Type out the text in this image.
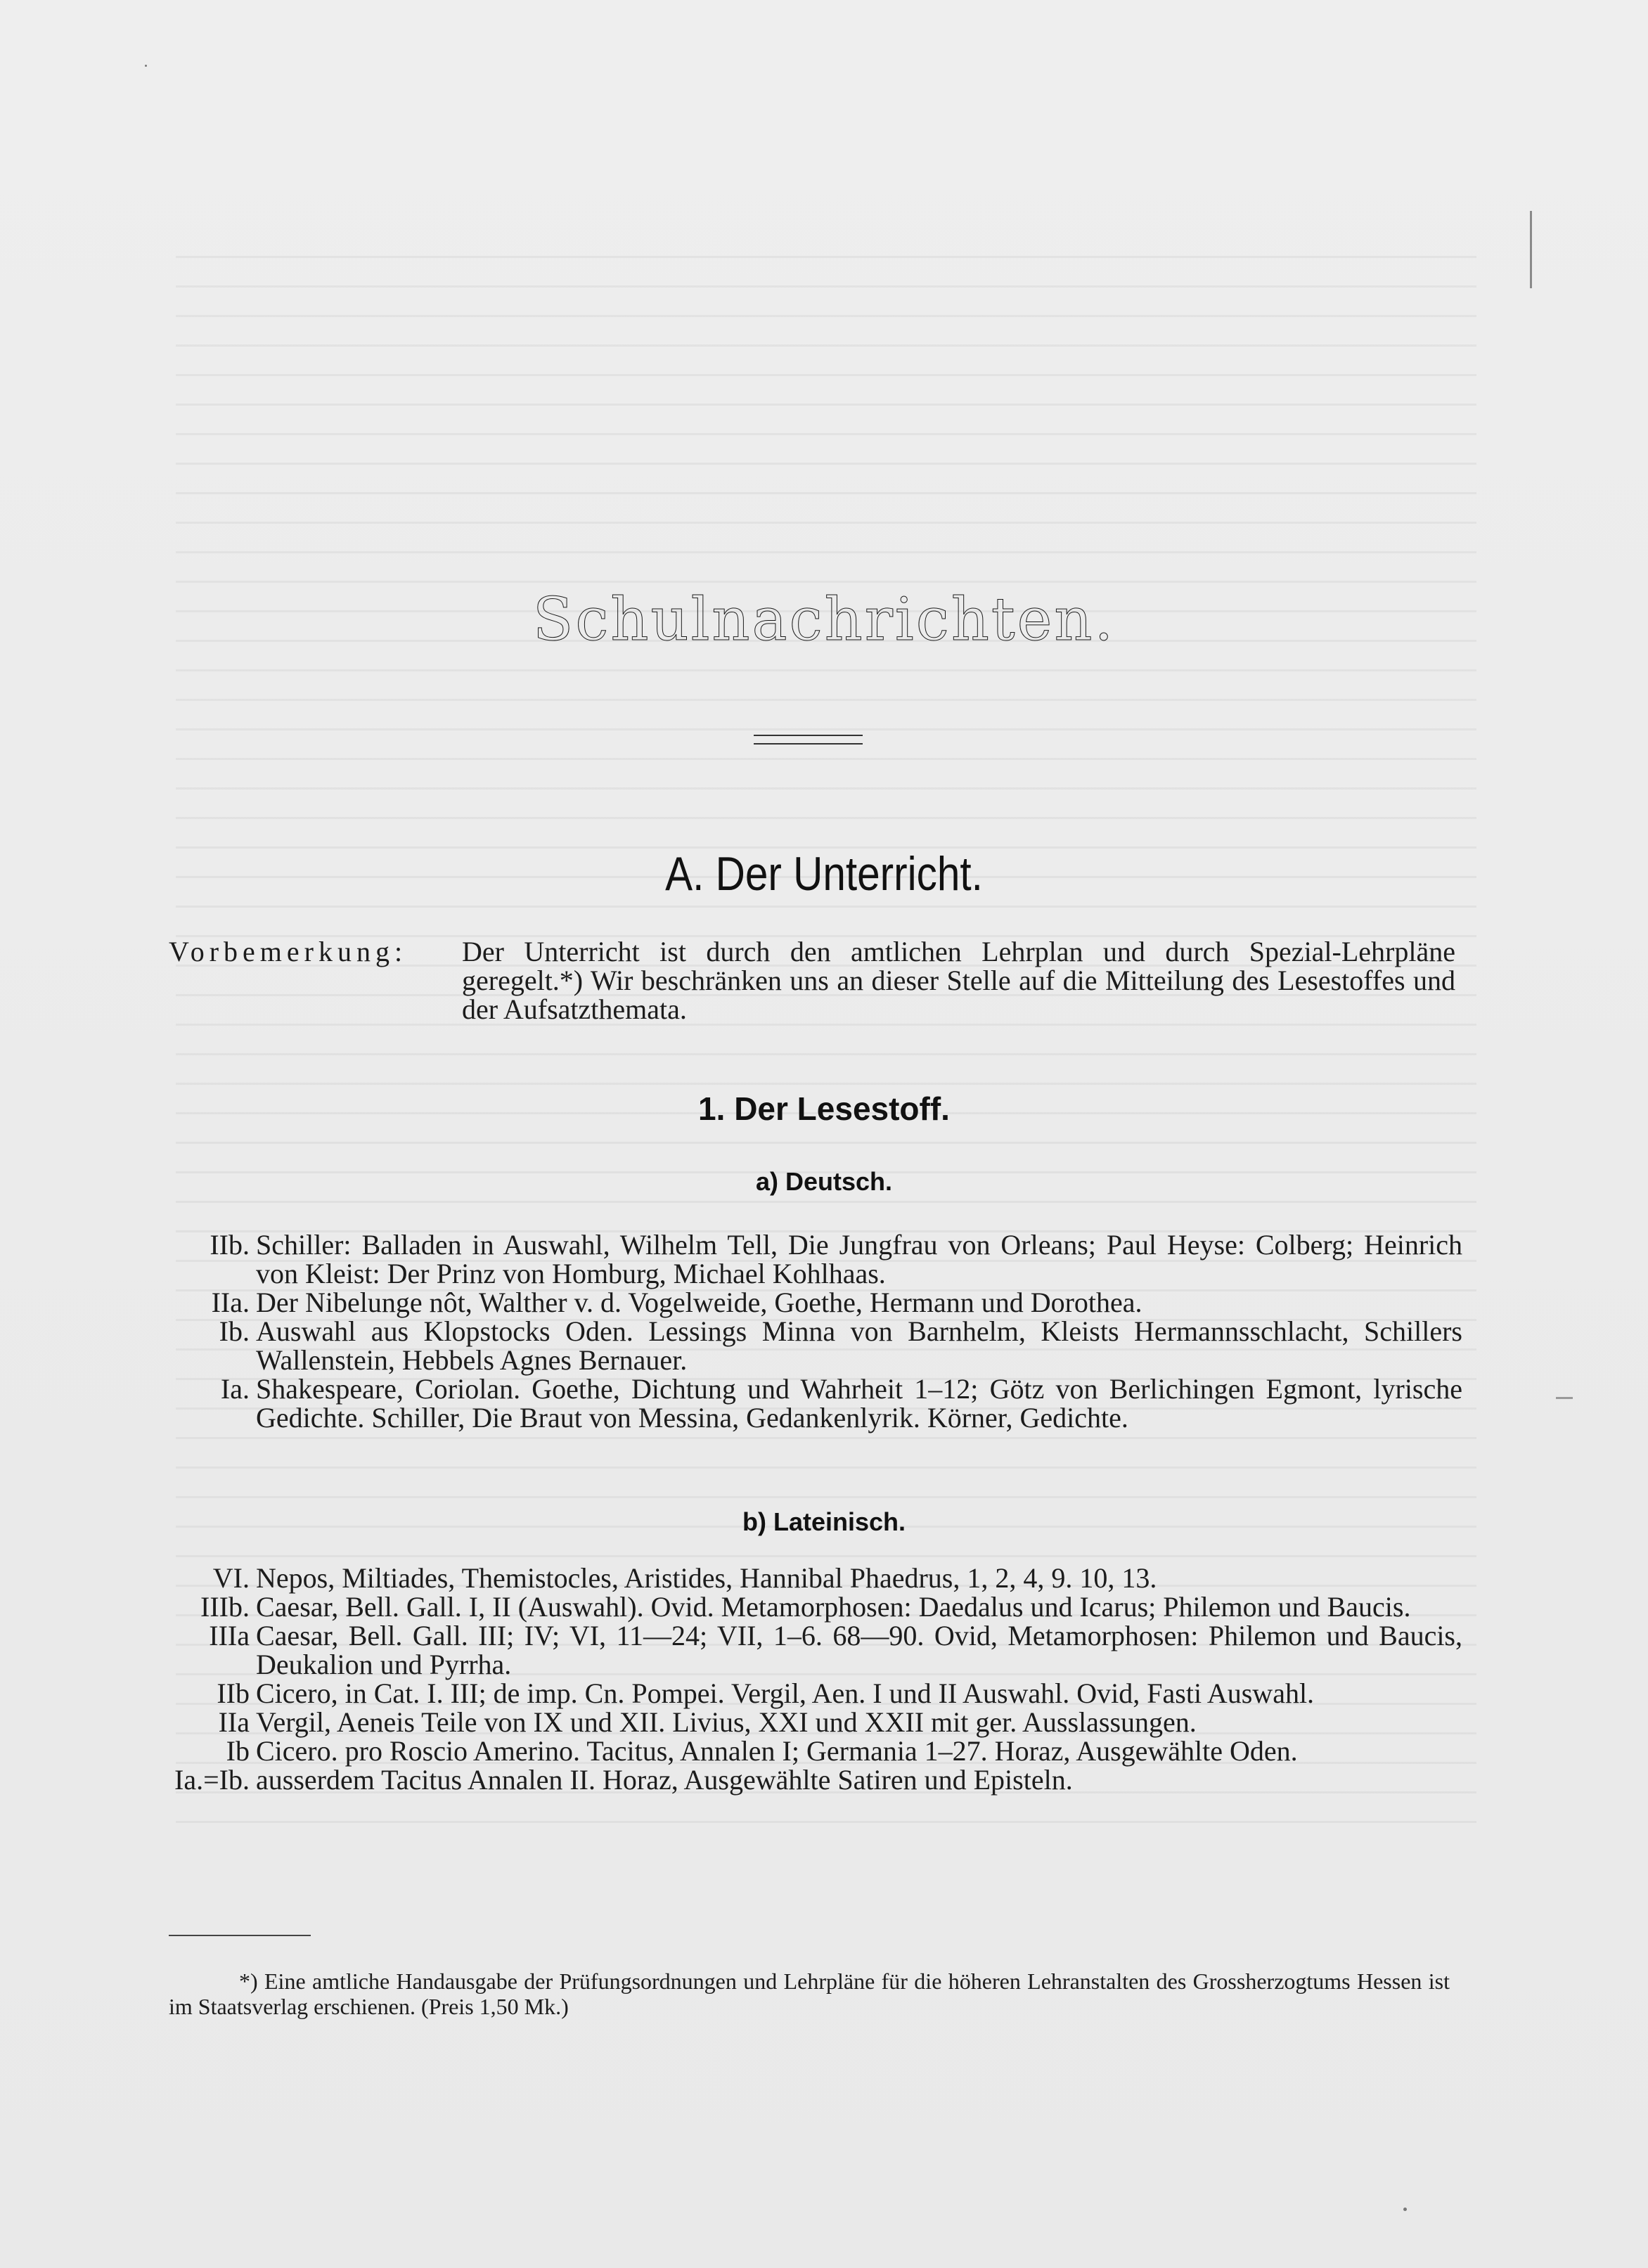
Schulnachrichten.
A. Der Unterricht.
Vorbemerkung: Der Unterricht ist durch den amtlichen Lehrplan und durch Spezial-Lehrpläne geregelt.*) Wir beschränken uns an dieser Stelle auf die Mitteilung des Lesestoffes und der Aufsatzthemata.
1. Der Lesestoff.
a) Deutsch.
IIb. Schiller: Balladen in Auswahl, Wilhelm Tell, Die Jungfrau von Orleans; Paul Heyse: Colberg; Heinrich von Kleist: Der Prinz von Homburg, Michael Kohlhaas.
IIa. Der Nibelunge nôt, Walther v. d. Vogelweide, Goethe, Hermann und Dorothea.
Ib. Auswahl aus Klopstocks Oden. Lessings Minna von Barnhelm, Kleists Hermannsschlacht, Schillers Wallenstein, Hebbels Agnes Bernauer.
Ia. Shakespeare, Coriolan. Goethe, Dichtung und Wahrheit 1–12; Götz von Berlichingen Egmont, lyrische Gedichte. Schiller, Die Braut von Messina, Gedankenlyrik. Körner, Gedichte.
b) Lateinisch.
VI. Nepos, Miltiades, Themistocles, Aristides, Hannibal Phaedrus, 1, 2, 4, 9. 10, 13.
IIIb. Caesar, Bell. Gall. I, II (Auswahl). Ovid. Metamorphosen: Daedalus und Icarus; Philemon und Baucis.
IIIa Caesar, Bell. Gall. III; IV; VI, 11—24; VII, 1–6. 68—90. Ovid, Metamorphosen: Philemon und Baucis, Deukalion und Pyrrha.
IIb Cicero, in Cat. I. III; de imp. Cn. Pompei. Vergil, Aen. I und II Auswahl. Ovid, Fasti Auswahl.
IIa Vergil, Aeneis Teile von IX und XII. Livius, XXI und XXII mit ger. Ausslassungen.
Ib Cicero. pro Roscio Amerino. Tacitus, Annalen I; Germania 1–27. Horaz, Ausgewählte Oden.
Ia.=Ib. ausserdem Tacitus Annalen II. Horaz, Ausgewählte Satiren und Episteln.
*) Eine amtliche Handausgabe der Prüfungsordnungen und Lehrpläne für die höheren Lehranstalten des Grossherzogtums Hessen ist im Staatsverlag erschienen. (Preis 1,50 Mk.)
